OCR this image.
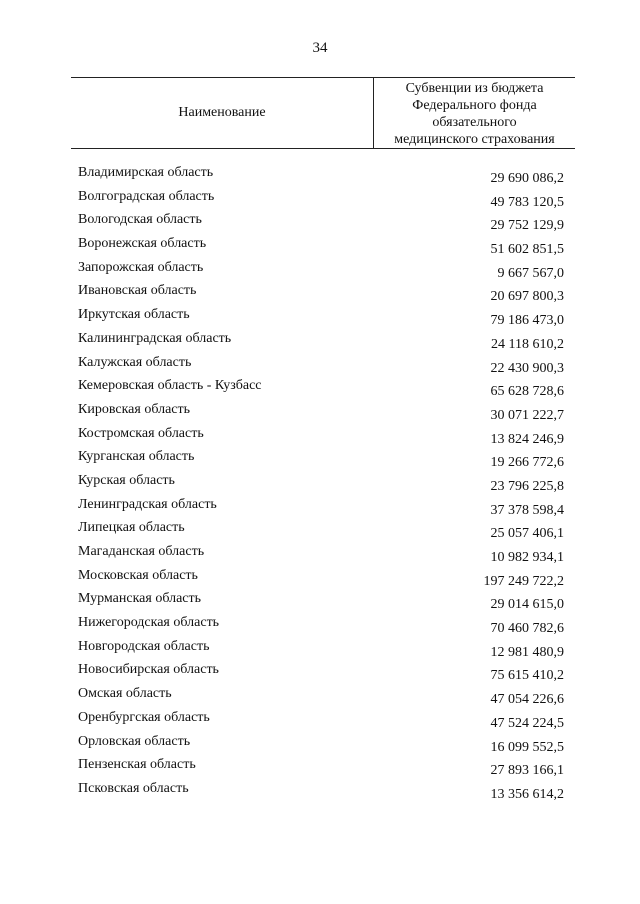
34
Наименование
Субвенции из бюджета
Федерального фонда
обязательного
медицинского страхования
Владимирская область	29 690 086,2
Волгоградская область	49 783 120,5
Вологодская область	29 752 129,9
Воронежская область	51 602 851,5
Запорожская область	9 667 567,0
Ивановская область	20 697 800,3
Иркутская область	79 186 473,0
Калининградская область	24 118 610,2
Калужская область	22 430 900,3
Кемеровская область - Кузбасс	65 628 728,6
Кировская область	30 071 222,7
Костромская область	13 824 246,9
Курганская область	19 266 772,6
Курская область	23 796 225,8
Ленинградская область	37 378 598,4
Липецкая область	25 057 406,1
Магаданская область	10 982 934,1
Московская область	197 249 722,2
Мурманская область	29 014 615,0
Нижегородская область	70 460 782,6
Новгородская область	12 981 480,9
Новосибирская область	75 615 410,2
Омская область	47 054 226,6
Оренбургская область	47 524 224,5
Орловская область	16 099 552,5
Пензенская область	27 893 166,1
Псковская область	13 356 614,2
